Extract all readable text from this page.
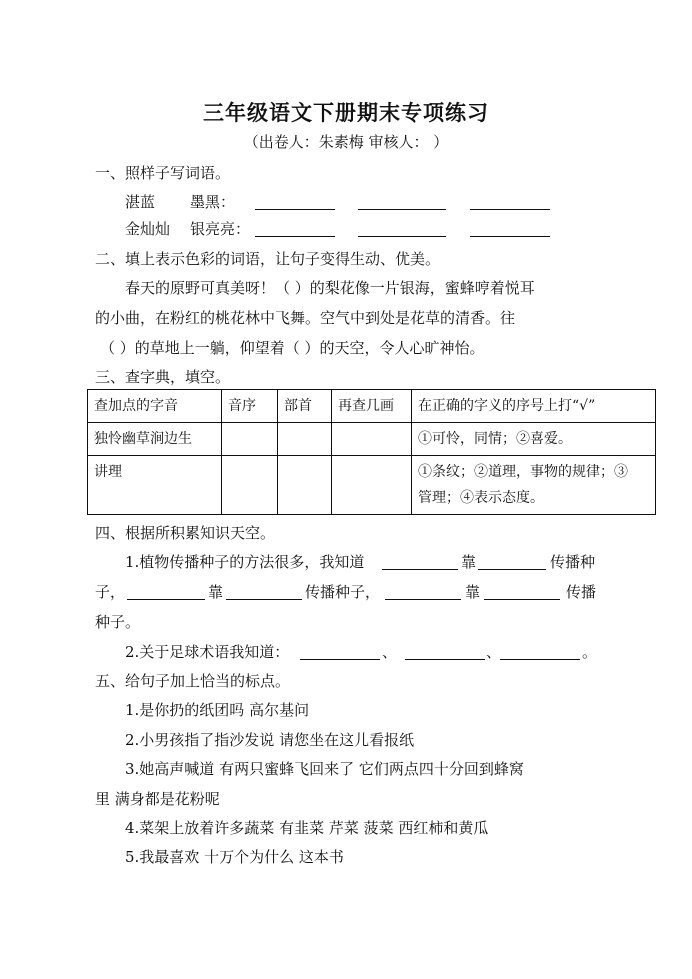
三年级语文下册期末专项练习
（出卷人：朱素梅 审核人： ）
一、照样子写词语。
湛蓝 墨黑：
金灿灿 银亮亮：
二、填上表示色彩的词语，让句子变得生动、优美。
春天的原野可真美呀！（ ）的梨花像一片银海，蜜蜂哼着悦耳
的小曲，在粉红的桃花林中飞舞。空气中到处是花草的清香。往
（ ）的草地上一躺，仰望着（ ）的天空，令人心旷神怡。
三、查字典，填空。
查加点的字音	音序	部首	再查几画	在正确的字义的序号上打“√”
独怜幽草涧边生				①可怜，同情；②喜爱。
讲理				①条纹；②道理，事物的规律；③
管理；④表示态度。
四、根据所积累知识天空。
1.植物传播种子的方法很多，我知道	靠	传播种
子，	靠	传播种子，	靠	传播
种子。
2.关于足球术语我知道：	、	、	。
五、给句子加上恰当的标点。
1.是你扔的纸团吗 高尔基问
2.小男孩指了指沙发说 请您坐在这儿看报纸
3.她高声喊道 有两只蜜蜂飞回来了 它们两点四十分回到蜂窝
里 满身都是花粉呢
4.菜架上放着许多蔬菜 有韭菜 芹菜 菠菜 西红柿和黄瓜
5.我最喜欢 十万个为什么 这本书
